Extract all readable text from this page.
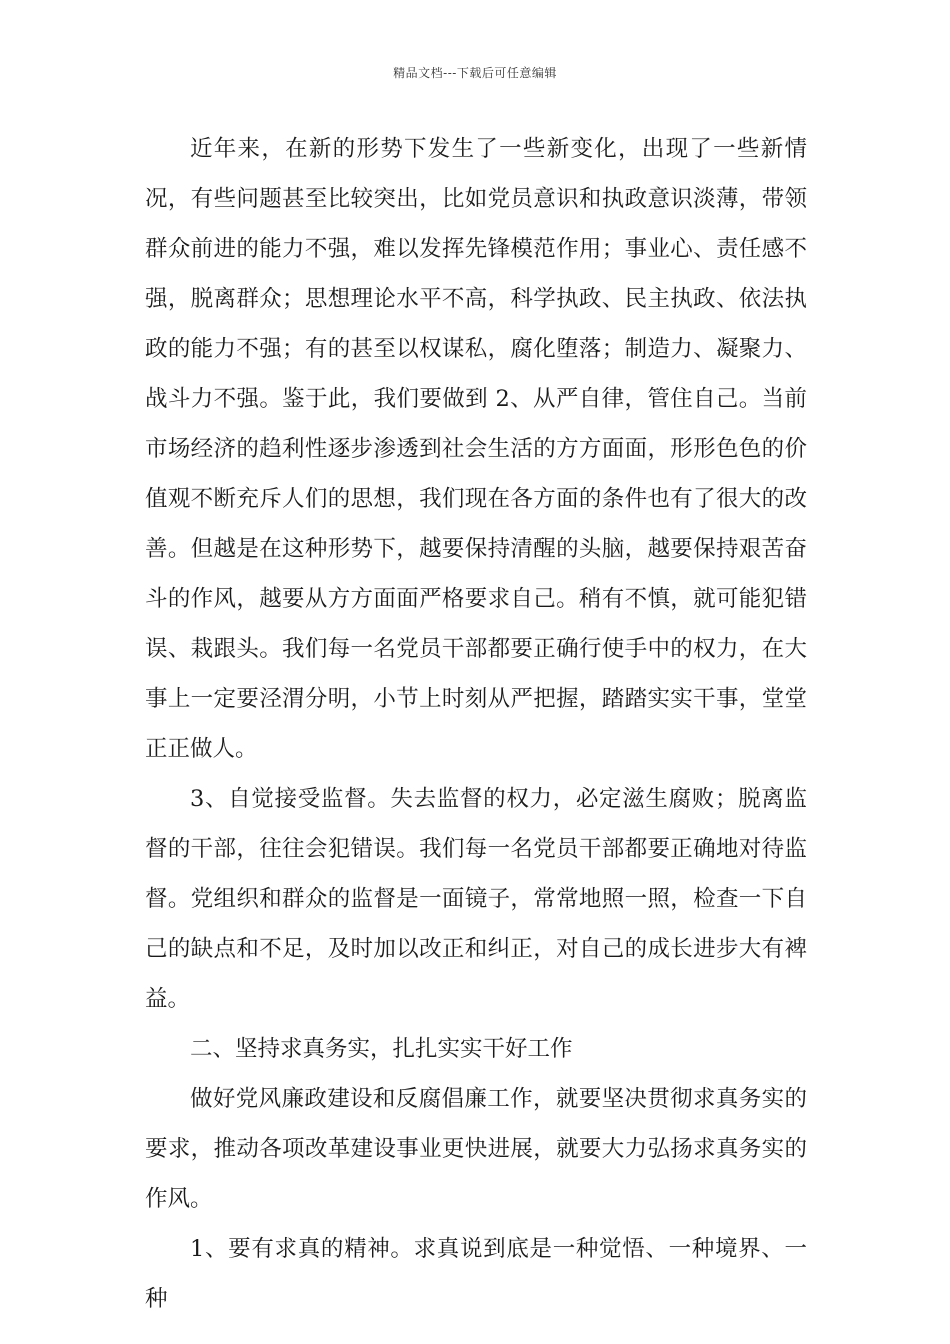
精品文档---下载后可任意编辑

近年来，在新的形势下发生了一些新变化，出现了一些新情况，有些问题甚至比较突出，比如党员意识和执政意识淡薄，带领群众前进的能力不强，难以发挥先锋模范作用；事业心、责任感不强，脱离群众；思想理论水平不高，科学执政、民主执政、依法执政的能力不强；有的甚至以权谋私，腐化堕落；制造力、凝聚力、战斗力不强。鉴于此，我们要做到 2、从严自律，管住自己。当前市场经济的趋利性逐步渗透到社会生活的方方面面，形形色色的价值观不断充斥人们的思想，我们现在各方面的条件也有了很大的改善。但越是在这种形势下，越要保持清醒的头脑，越要保持艰苦奋斗的作风，越要从方方面面严格要求自己。稍有不慎，就可能犯错误、栽跟头。我们每一名党员干部都要正确行使手中的权力，在大事上一定要泾渭分明，小节上时刻从严把握，踏踏实实干事，堂堂正正做人。

3、自觉接受监督。失去监督的权力，必定滋生腐败；脱离监督的干部，往往会犯错误。我们每一名党员干部都要正确地对待监督。党组织和群众的监督是一面镜子，常常地照一照，检查一下自己的缺点和不足，及时加以改正和纠正，对自己的成长进步大有裨益。

二、坚持求真务实，扎扎实实干好工作

做好党风廉政建设和反腐倡廉工作，就要坚决贯彻求真务实的要求，推动各项改革建设事业更快进展，就要大力弘扬求真务实的作风。

1、要有求真的精神。求真说到底是一种觉悟、一种境界、一种
